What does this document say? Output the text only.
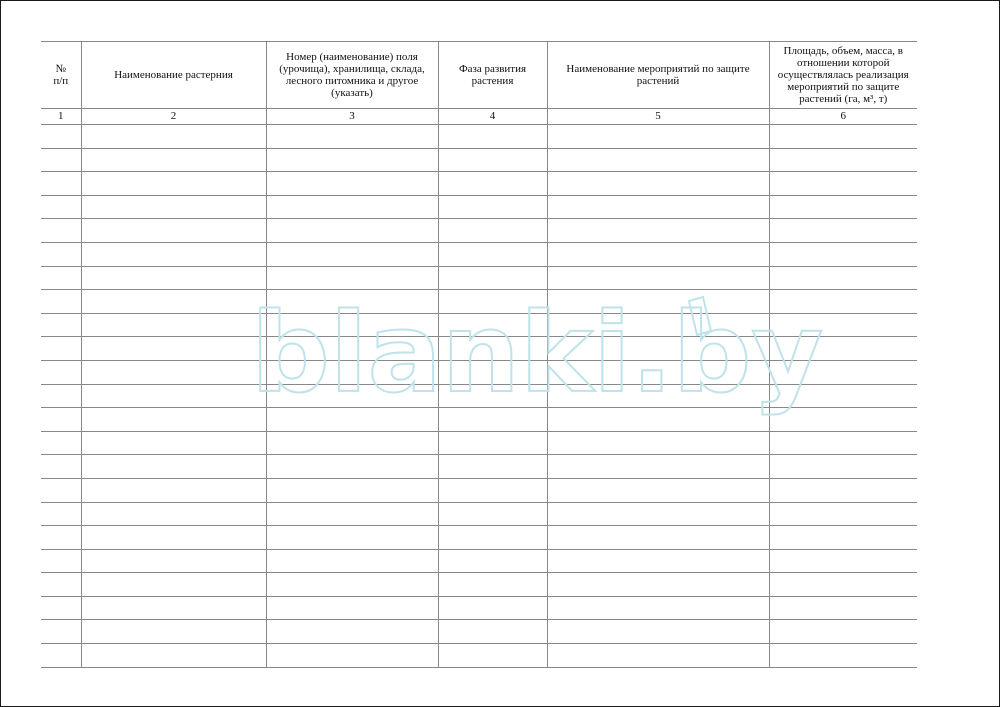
№
п/п	Наименование растерния	Номер (наименование) поля (урочища), хранилища, склада, лесного питомника и другое (указать)	Фаза развития растения	Наименование мероприятий по защите растений	Площадь, объем, масса, в отношении которой осуществлялась реализация мероприятий по защите растений (га, м³, т)
1	2	3	4	5	6

blanki.by
